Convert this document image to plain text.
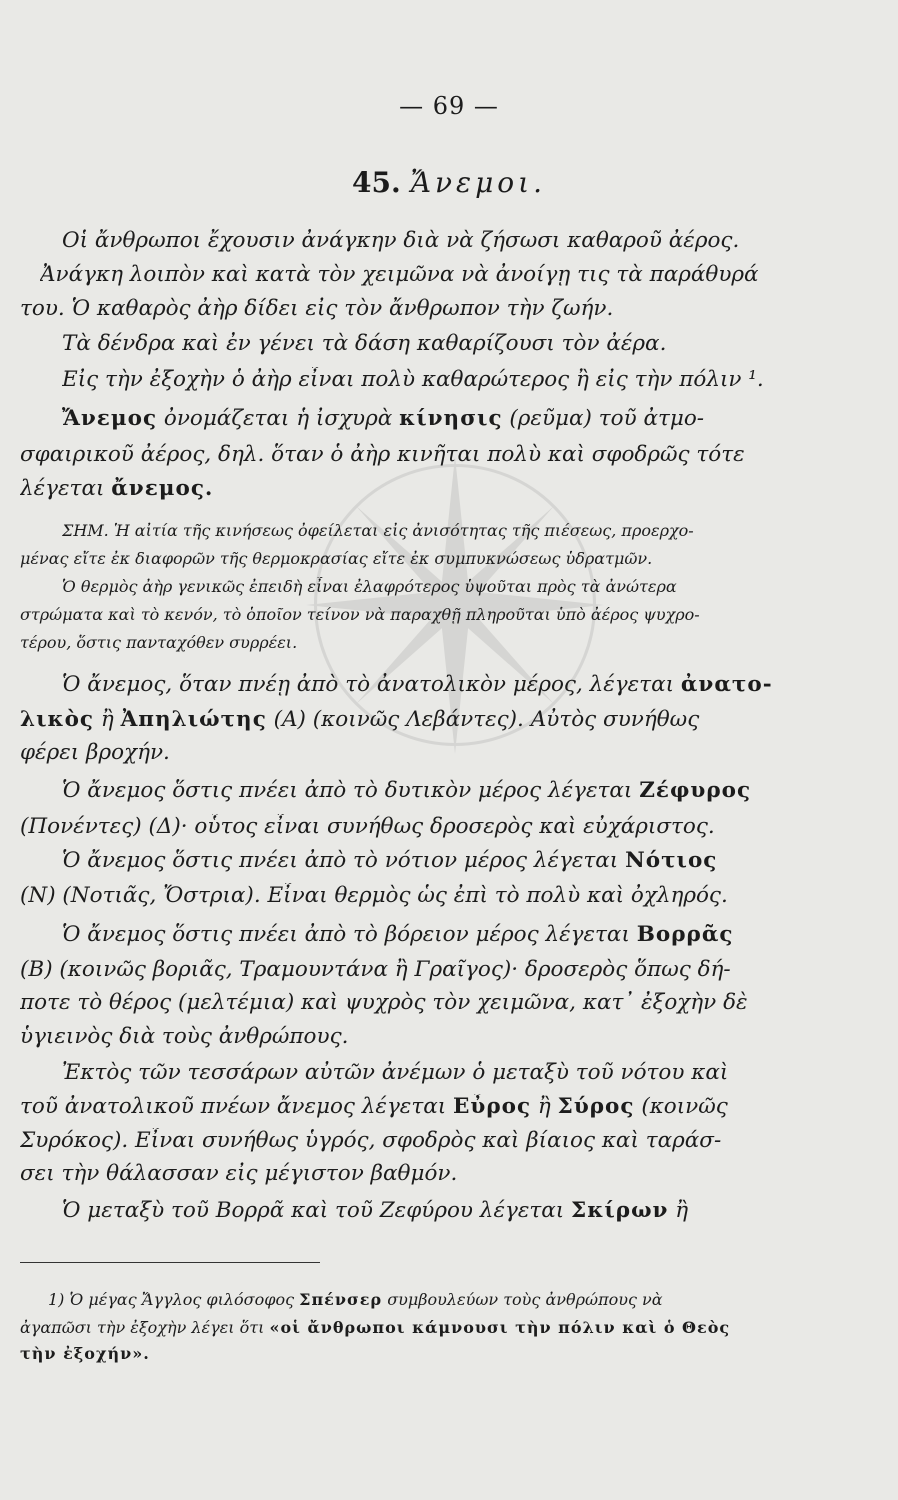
— 69 —
45. Ἄνεμοι.
Οἱ ἄνθρωποι ἔχουσιν ἀνάγκην διὰ νὰ ζήσωσι καθαροῦ ἀέρος.
Ἀνάγκη λοιπὸν καὶ κατὰ τὸν χειμῶνα νὰ ἀνοίγῃ τις τὰ παράθυρά
του. Ὁ καθαρὸς ἀὴρ δίδει εἰς τὸν ἄνθρωπον τὴν ζωήν.
Τὰ δένδρα καὶ ἐν γένει τὰ δάση καθαρίζουσι τὸν ἀέρα.
Εἰς τὴν ἐξοχὴν ὁ ἀὴρ εἶναι πολὺ καθαρώτερος ἢ εἰς τὴν πόλιν ¹.
Ἄνεμος ὀνομάζεται ἡ ἰσχυρὰ κίνησις (ρεῦμα) τοῦ ἀτμο-
σφαιρικοῦ ἀέρος, δηλ. ὅταν ὁ ἀὴρ κινῆται πολὺ καὶ σφοδρῶς τότε
λέγεται ἄνεμος.
ΣΗΜ. Ἡ αἰτία τῆς κινήσεως ὀφείλεται εἰς ἀνισότητας τῆς πιέσεως, προερχο-
μένας εἴτε ἐκ διαφορῶν τῆς θερμοκρασίας εἴτε ἐκ συμπυκνώσεως ὑδρατμῶν.
Ὁ θερμὸς ἀὴρ γενικῶς ἐπειδὴ εἶναι ἐλαφρότερος ὑψοῦται πρὸς τὰ ἀνώτερα
στρώματα καὶ τὸ κενόν, τὸ ὁποῖον τείνον νὰ παραχθῇ πληροῦται ὑπὸ ἀέρος ψυχρο-
τέρου, ὅστις πανταχόθεν συρρέει.
Ὁ ἄνεμος, ὅταν πνέῃ ἀπὸ τὸ ἀνατολικὸν μέρος, λέγεται ἀνατο-
λικὸς ἢ Ἀπηλιώτης (Α) (κοινῶς Λεβάντες). Αὐτὸς συνήθως
φέρει βροχήν.
Ὁ ἄνεμος ὅστις πνέει ἀπὸ τὸ δυτικὸν μέρος λέγεται Ζέφυρος
(Πονέντες) (Δ)· οὗτος εἶναι συνήθως δροσερὸς καὶ εὐχάριστος.
Ὁ ἄνεμος ὅστις πνέει ἀπὸ τὸ νότιον μέρος λέγεται Νότιος
(Ν) (Νοτιᾶς, Ὄστρια). Εἶναι θερμὸς ὡς ἐπὶ τὸ πολὺ καὶ ὀχληρός.
Ὁ ἄνεμος ὅστις πνέει ἀπὸ τὸ βόρειον μέρος λέγεται Βορρᾶς
(Β) (κοινῶς βοριᾶς, Τραμουντάνα ἢ Γραῖγος)· δροσερὸς ὅπως δή-
ποτε τὸ θέρος (μελτέμια) καὶ ψυχρὸς τὸν χειμῶνα, κατ᾽ ἐξοχὴν δὲ
ὑγιεινὸς διὰ τοὺς ἀνθρώπους.
Ἐκτὸς τῶν τεσσάρων αὐτῶν ἀνέμων ὁ μεταξὺ τοῦ νότου καὶ
τοῦ ἀνατολικοῦ πνέων ἄνεμος λέγεται Εὖρος ἢ Σύρος (κοινῶς
Συρόκος). Εἶναι συνήθως ὑγρός, σφοδρὸς καὶ βίαιος καὶ ταράσ-
σει τὴν θάλασσαν εἰς μέγιστον βαθμόν.
Ὁ μεταξὺ τοῦ Βορρᾶ καὶ τοῦ Ζεφύρου λέγεται Σκίρων ἢ
1) Ὁ μέγας Ἄγγλος φιλόσοφος Σπένσερ συμβουλεύων τοὺς ἀνθρώπους νὰ
ἀγαπῶσι τὴν ἐξοχὴν λέγει ὅτι «οἱ ἄνθρωποι κάμνουσι τὴν πόλιν καὶ ὁ Θεὸς
τὴν ἐξοχήν».
